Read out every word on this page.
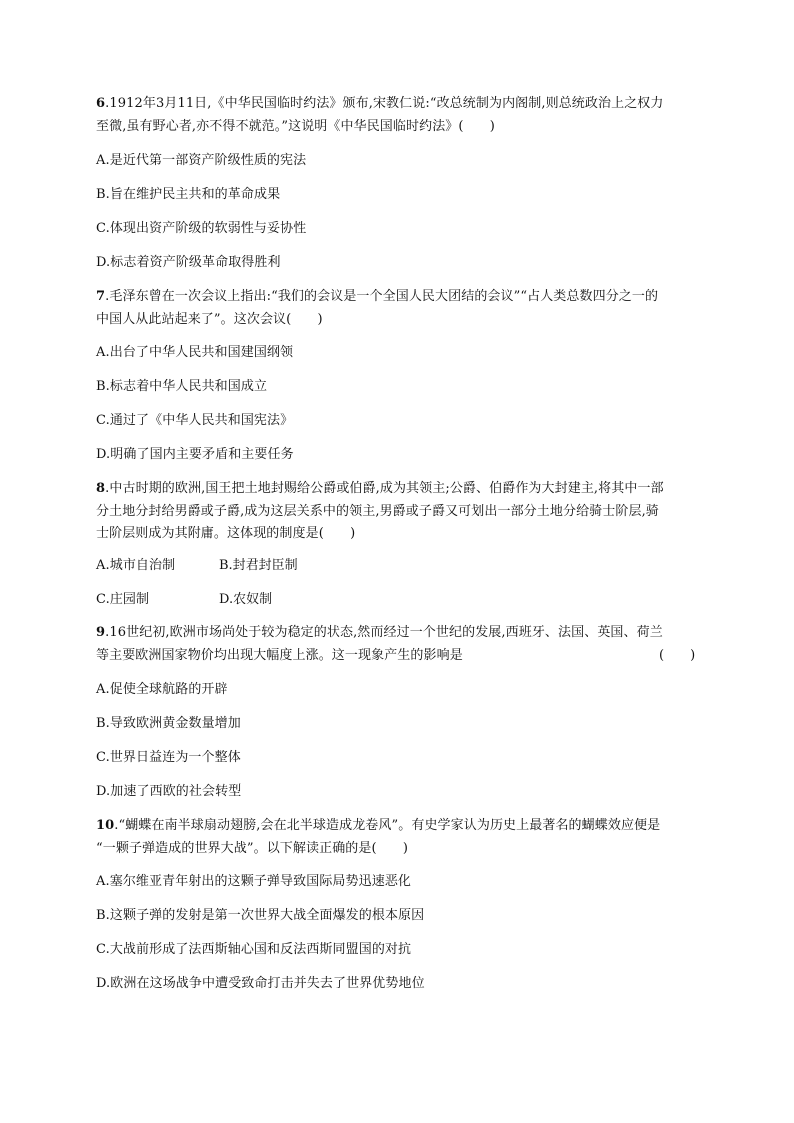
6.1912年3月11日,《中华民国临时约法》颁布,宋教仁说:“改总统制为内阁制,则总统政治上之权力
至微,虽有野心者,亦不得不就范。”这说明《中华民国临时约法》(　　)
A.是近代第一部资产阶级性质的宪法
B.旨在维护民主共和的革命成果
C.体现出资产阶级的软弱性与妥协性
D.标志着资产阶级革命取得胜利
7.毛泽东曾在一次会议上指出:“我们的会议是一个全国人民大团结的会议”“占人类总数四分之一的
中国人从此站起来了”。这次会议(　　)
A.出台了中华人民共和国建国纲领
B.标志着中华人民共和国成立
C.通过了《中华人民共和国宪法》
D.明确了国内主要矛盾和主要任务
8.中古时期的欧洲,国王把土地封赐给公爵或伯爵,成为其领主;公爵、伯爵作为大封建主,将其中一部
分土地分封给男爵或子爵,成为这层关系中的领主,男爵或子爵又可划出一部分土地分给骑士阶层,骑
士阶层则成为其附庸。这体现的制度是(　　)
A.城市自治制	B.封君封臣制
C.庄园制	D.农奴制
9.16世纪初,欧洲市场尚处于较为稳定的状态,然而经过一个世纪的发展,西班牙、法国、英国、荷兰
等主要欧洲国家物价均出现大幅度上涨。这一现象产生的影响是	(　　)
A.促使全球航路的开辟
B.导致欧洲黄金数量增加
C.世界日益连为一个整体
D.加速了西欧的社会转型
10.“蝴蝶在南半球扇动翅膀,会在北半球造成龙卷风”。有史学家认为历史上最著名的蝴蝶效应便是
“一颗子弹造成的世界大战”。以下解读正确的是(　　)
A.塞尔维亚青年射出的这颗子弹导致国际局势迅速恶化
B.这颗子弹的发射是第一次世界大战全面爆发的根本原因
C.大战前形成了法西斯轴心国和反法西斯同盟国的对抗
D.欧洲在这场战争中遭受致命打击并失去了世界优势地位
